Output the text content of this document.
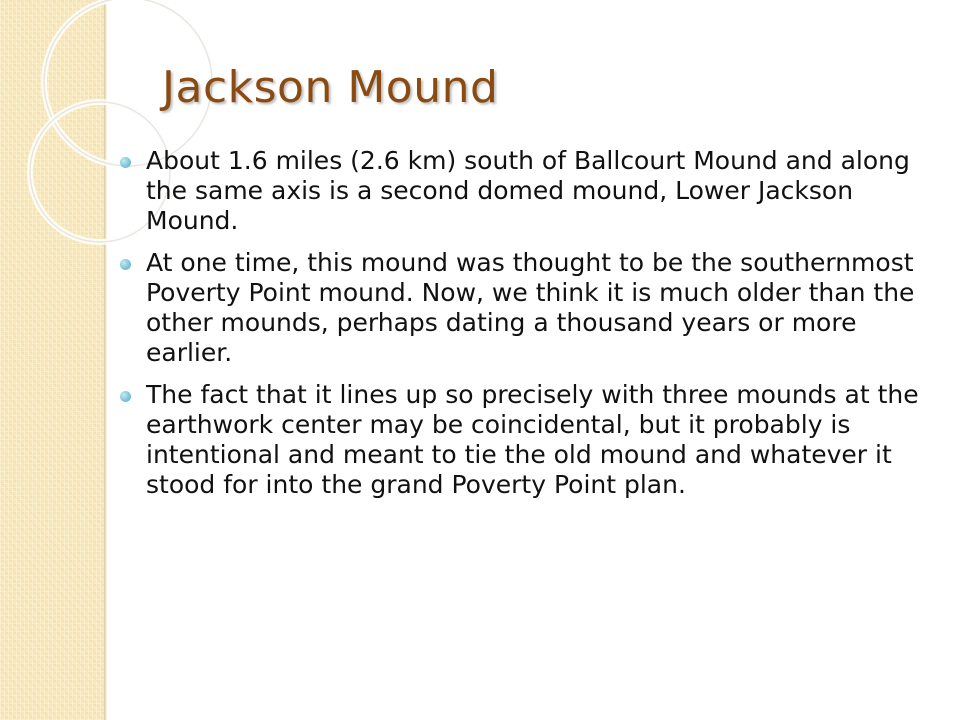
Jackson Mound
About 1.6 miles (2.6 km) south of Ballcourt Mound and along the same axis is a second domed mound, Lower Jackson Mound.
At one time, this mound was thought to be the southernmost Poverty Point mound. Now, we think it is much older than the other mounds, perhaps dating a thousand years or more earlier.
The fact that it lines up so precisely with three mounds at the earthwork center may be coincidental, but it probably is intentional and meant to tie the old mound and whatever it stood for into the grand Poverty Point plan.
